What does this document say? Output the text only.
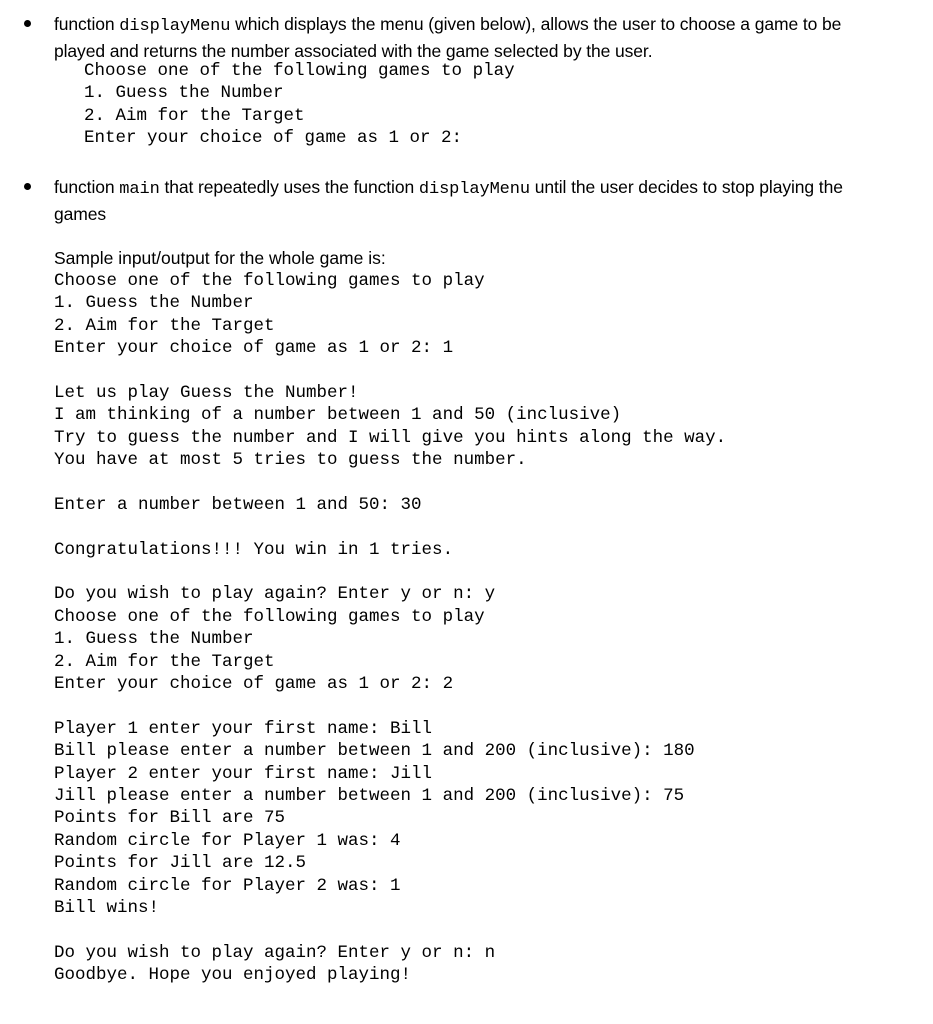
function displayMenu which displays the menu (given below), allows the user to choose a game to be
played and returns the number associated with the game selected by the user.
Choose one of the following games to play
1. Guess the Number
2. Aim for the Target
Enter your choice of game as 1 or 2:
function main that repeatedly uses the function displayMenu until the user decides to stop playing the
games
Sample input/output for the whole game is:
Choose one of the following games to play
1. Guess the Number
2. Aim for the Target
Enter your choice of game as 1 or 2: 1
Let us play Guess the Number!
I am thinking of a number between 1 and 50 (inclusive)
Try to guess the number and I will give you hints along the way.
You have at most 5 tries to guess the number.
Enter a number between 1 and 50: 30
Congratulations!!! You win in 1 tries.
Do you wish to play again? Enter y or n: y
Choose one of the following games to play
1. Guess the Number
2. Aim for the Target
Enter your choice of game as 1 or 2: 2
Player 1 enter your first name: Bill
Bill please enter a number between 1 and 200 (inclusive): 180
Player 2 enter your first name: Jill
Jill please enter a number between 1 and 200 (inclusive): 75
Points for Bill are 75
Random circle for Player 1 was: 4
Points for Jill are 12.5
Random circle for Player 2 was: 1
Bill wins!
Do you wish to play again? Enter y or n: n
Goodbye. Hope you enjoyed playing!
